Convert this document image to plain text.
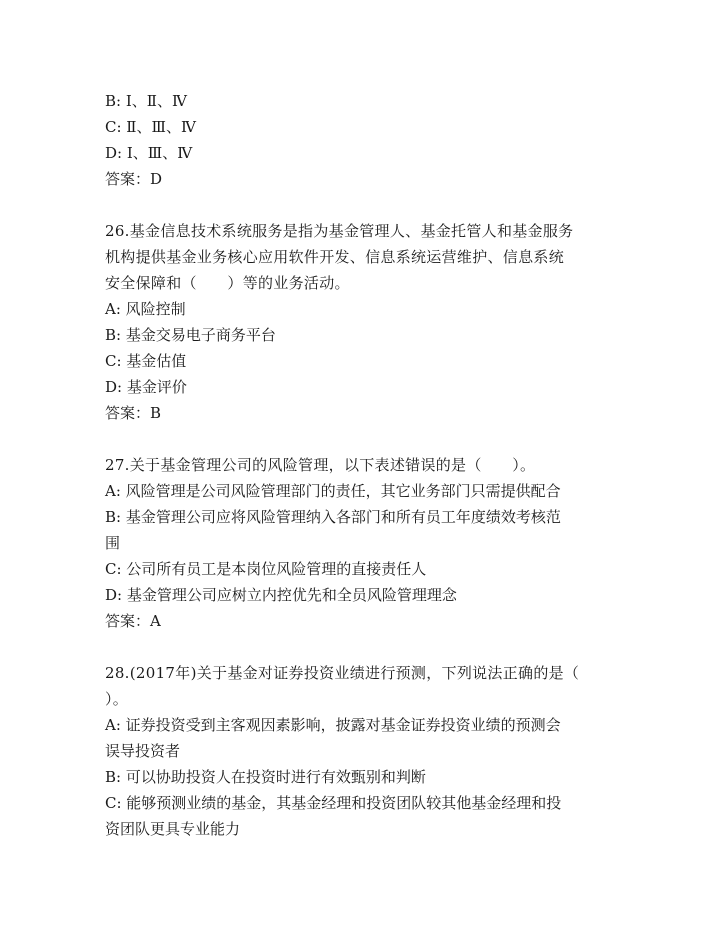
B: Ⅰ、Ⅱ、Ⅳ
C: Ⅱ、Ⅲ、Ⅳ
D: Ⅰ、Ⅲ、Ⅳ
答案：D
26.基金信息技术系统服务是指为基金管理人、基金托管人和基金服务
机构提供基金业务核心应用软件开发、信息系统运营维护、信息系统
安全保障和（　　）等的业务活动。
A: 风险控制
B: 基金交易电子商务平台
C: 基金估值
D: 基金评价
答案：B
27.关于基金管理公司的风险管理，以下表述错误的是（　　）。
A: 风险管理是公司风险管理部门的责任，其它业务部门只需提供配合
B: 基金管理公司应将风险管理纳入各部门和所有员工年度绩效考核范
围
C: 公司所有员工是本岗位风险管理的直接责任人
D: 基金管理公司应树立内控优先和全员风险管理理念
答案：A
28.(2017年)关于基金对证券投资业绩进行预测，下列说法正确的是（
）。
A: 证券投资受到主客观因素影响，披露对基金证券投资业绩的预测会
误导投资者
B: 可以协助投资人在投资时进行有效甄别和判断
C: 能够预测业绩的基金，其基金经理和投资团队较其他基金经理和投
资团队更具专业能力
